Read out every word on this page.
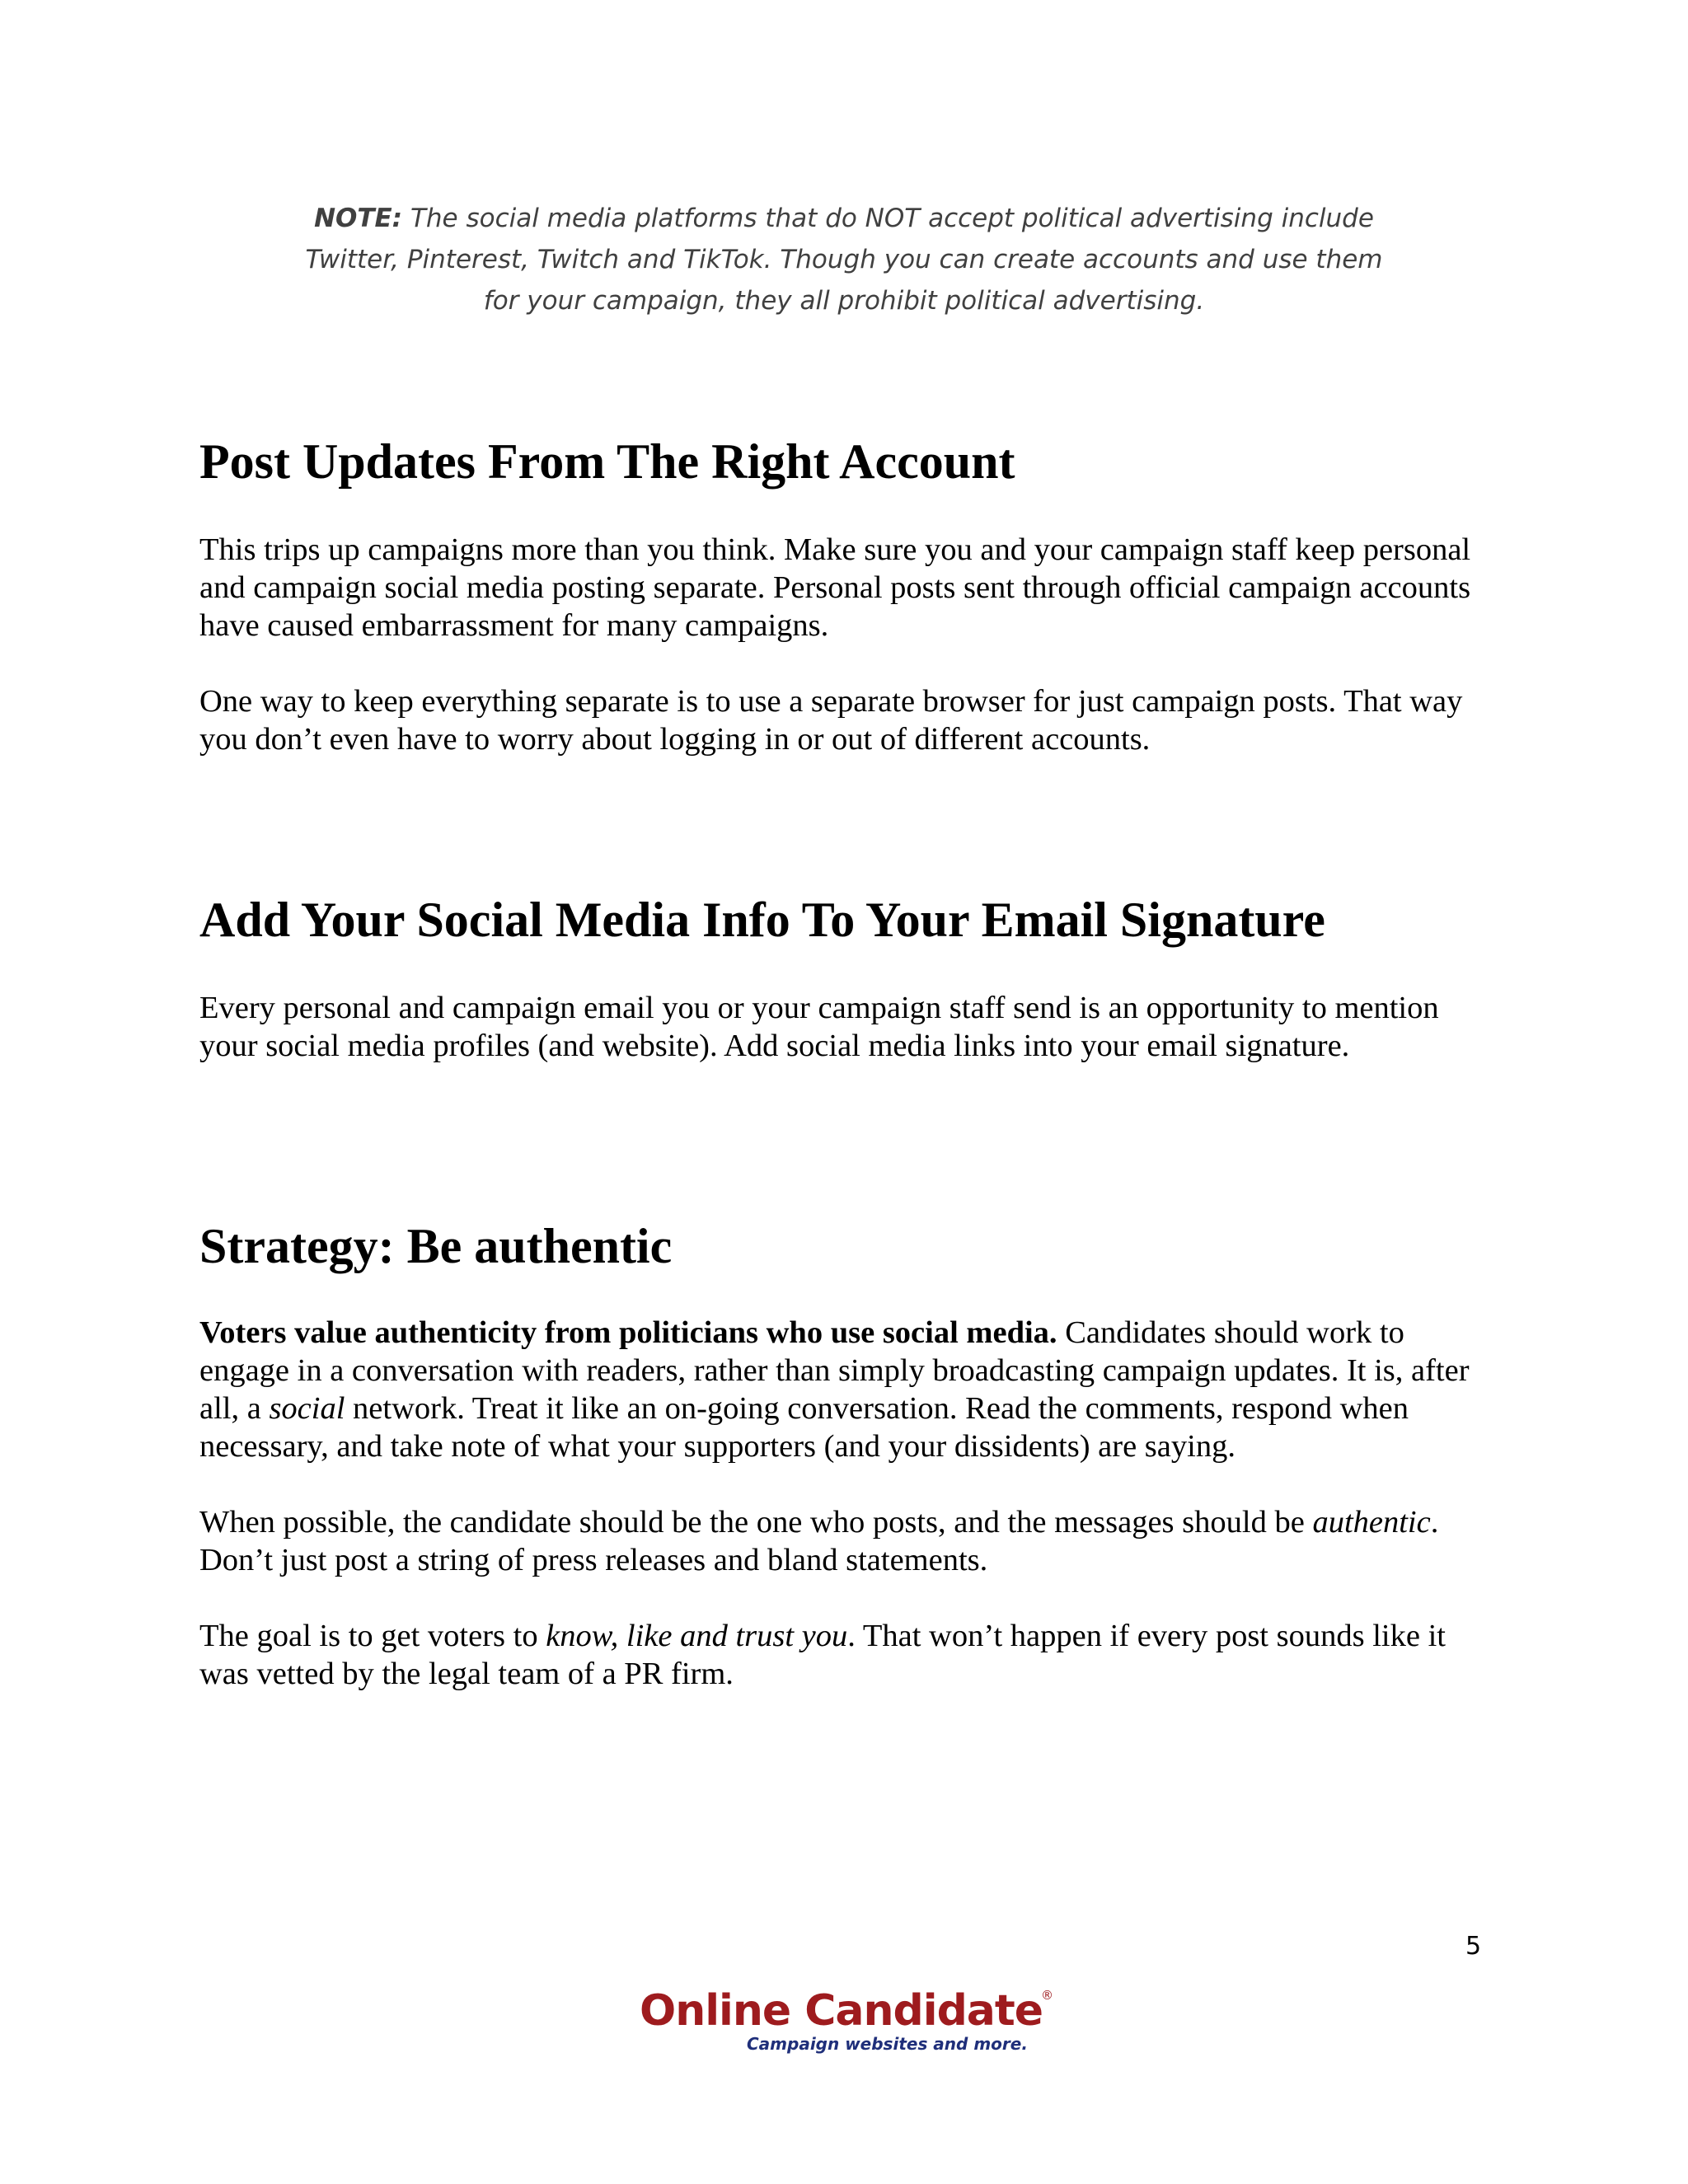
NOTE: The social media platforms that do NOT accept political advertising include
Twitter, Pinterest, Twitch and TikTok. Though you can create accounts and use them
for your campaign, they all prohibit political advertising.
Post Updates From The Right Account

This trips up campaigns more than you think. Make sure you and your campaign staff keep personal and campaign social media posting separate. Personal posts sent through official campaign accounts have caused embarrassment for many campaigns.

One way to keep everything separate is to use a separate browser for just campaign posts. That way you don’t even have to worry about logging in or out of different accounts.

Add Your Social Media Info To Your Email Signature

Every personal and campaign email you or your campaign staff send is an opportunity to mention your social media profiles (and website). Add social media links into your email signature.

Strategy: Be authentic

Voters value authenticity from politicians who use social media. Candidates should work to engage in a conversation with readers, rather than simply broadcasting campaign updates. It is, after all, a social network. Treat it like an on-going conversation. Read the comments, respond when necessary, and take note of what your supporters (and your dissidents) are saying.

When possible, the candidate should be the one who posts, and the messages should be authentic. Don’t just post a string of press releases and bland statements.

The goal is to get voters to know, like and trust you. That won’t happen if every post sounds like it was vetted by the legal team of a PR firm.

5
Online Candidate
®
Campaign websites and more.
